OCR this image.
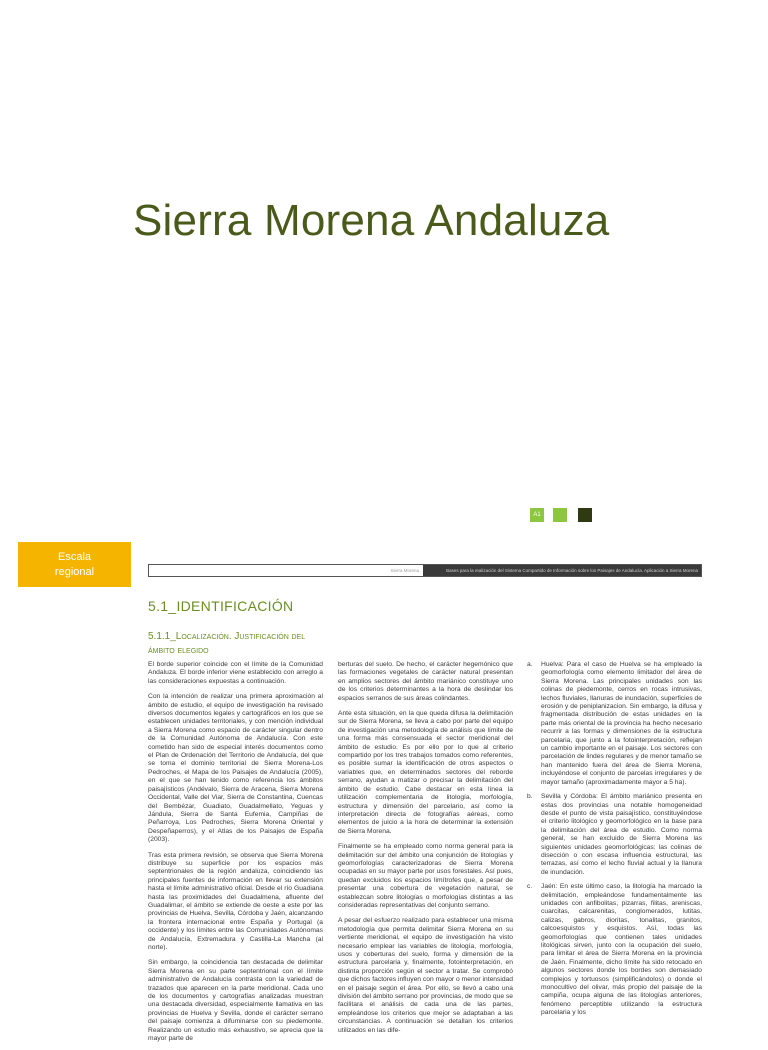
Sierra Morena Andaluza
A1
Escala
regional	Sierra Morena	Bases para la realización del Sistema Compartido de Información sobre los Paisajes de Andalucía. Aplicación a Sierra Morena
5.1_IDENTIFICACIÓN
5.1.1_Localización. Justificación del ámbito elegido

El borde superior coincide con el límite de la Comunidad Andaluza. El borde inferior viene establecido con arreglo a las consideraciones expuestas a continuación.

Con la intención de realizar una primera aproximación al ámbito de estudio, el equipo de investigación ha revisado diversos documentos legales y cartográficos en los que se establecen unidades territoriales, y con mención individual a Sierra Morena como espacio de carácter singular dentro de la Comunidad Autónoma de Andalucía. Con este cometido han sido de especial interés documentos como el Plan de Ordenación del Territorio de Andalucía, del que se toma el dominio territorial de Sierra Morena-Los Pedroches, el Mapa de los Paisajes de Andalucía (2005), en el que se han tenido como referencia los ámbitos paisajísticos (Andévalo, Sierra de Aracena, Sierra Morena Occidental, Valle del Viar, Sierra de Constantina, Cuencas del Bembézar, Guadiato, Guadalmellato, Yeguas y Jándula, Sierra de Santa Eufemia, Campiñas de Peñarroya, Los Pedroches, Sierra Morena Oriental y Despeñaperros), y el Atlas de los Paisajes de España (2003).

Tras esta primera revisión, se observa que Sierra Morena distribuye su superficie por los espacios más septentrionales de la región andaluza, coincidiendo las principales fuentes de información en llevar su extensión hasta el límite administrativo oficial. Desde el río Guadiana hasta las proximidades del Guadalmena, afluente del Guadalimar, el ámbito se extiende de oeste a este por las provincias de Huelva, Sevilla, Córdoba y Jaén, alcanzando la frontera internacional entre España y Portugal (a occidente) y los límites entre las Comunidades Autónomas de Andalucía, Extremadura y Castilla-La Mancha (al norte).

Sin embargo, la coincidencia tan destacada de delimitar Sierra Morena en su parte septentrional con el límite administrativo de Andalucía contrasta con la variedad de trazados que aparecen en la parte meridional. Cada uno de los documentos y cartografías analizadas muestran una destacada diversidad, especialmente llamativa en las provincias de Huelva y Sevilla, donde el carácter serrano del paisaje comienza a difuminarse con su piedemonte. Realizando un estudio más exhaustivo, se aprecia que la mayor parte de

berturas del suelo. De hecho, el carácter hegemónico que las formaciones vegetales de carácter natural presentan en amplios sectores del ámbito mariánico constituye uno de los criterios determinantes a la hora de deslindar los espacios serranos de sus áreas colindantes.

Ante esta situación, en la que queda difusa la delimitación sur de Sierra Morena, se lleva a cabo por parte del equipo de investigación una metodología de análisis que límite de una forma más consensuada el sector meridional del ámbito de estudio. Es por ello por lo que al criterio compartido por los tres trabajos tomados como referentes, es posible sumar la identificación de otros aspectos o variables que, en determinados sectores del reborde serrano, ayudan a matizar o precisar la delimitación del ámbito de estudio. Cabe destacar en esta línea la utilización complementaria de litología, morfología, estructura y dimensión del parcelario, así como la interpretación directa de fotografías aéreas, como elementos de juicio a la hora de determinar la extensión de Sierra Morena.

Finalmente se ha empleado como norma general para la delimitación sur del ámbito una conjunción de litologías y geomorfologías caracterizadoras de Sierra Morena ocupadas en su mayor parte por usos forestales. Así pues, quedan excluidos los espacios limítrofes que, a pesar de presentar una cobertura de vegetación natural, se establezcan sobre litologías o morfologías distintas a las consideradas representativas del conjunto serrano.

A pesar del esfuerzo realizado para establecer una misma metodología que permita delimitar Sierra Morena en su vertiente meridional, el equipo de investigación ha visto necesario emplear las variables de litología, morfología, usos y coberturas del suelo, forma y dimensión de la estructura parcelaria y, finalmente, fotointerpretación, en distinta proporción según el sector a tratar. Se comprobó que dichos factores influyen con mayor o menor intensidad en el paisaje según el área. Por ello, se llevó a cabo una división del ámbito serrano por provincias, de modo que se facilitara el análisis de cada una de las partes, empleándose los criterios que mejor se adaptaban a las circunstancias. A continuación se detallan los criterios utilizados en las dife-

a.	Huelva: Para el caso de Huelva se ha empleado la geomorfología como elemento limitador del área de Sierra Morena. Las principales unidades son las colinas de piedemonte, cerros en rocas intrusivas, lechos fluviales, llanuras de inundación, superficies de erosión y de peniplanizacion. Sin embargo, la difusa y fragmentada distribución de estas unidades en la parte más oriental de la provincia ha hecho necesario recurrir a las formas y dimensiones de la estructura parcelaria, que junto a la fotointerpretación, reflejan un cambio importante en el paisaje. Los sectores con parcelación de lindes regulares y de menor tamaño se han mantenido fuera del área de Sierra Morena, incluyéndose el conjunto de parcelas irregulares y de mayor tamaño (aproximadamente mayor a 5 ha).
b.	Sevilla y Córdoba: El ámbito mariánico presenta en estas dos provincias una notable homogeneidad desde el punto de vista paisajístico, constituyéndose el criterio litológico y geomorfológico en la base para la delimitación del área de estudio. Como norma general, se han excluido de Sierra Morena las siguientes unidades geomorfológicas: las colinas de disección o con escasa influencia estructural, las terrazas, así como el lecho fluvial actual y la llanura de inundación.
c.	Jaén: En este último caso, la litología ha marcado la delimitación, empleándose fundamentalmente las unidades con anfibolitas, pizarras, filitas, areniscas, cuarcitas, calcarenitas, conglomerados, lutitas, calizas, gabros, dioritas, tonalitas, granitos, calcoesquistos y esquistos. Así, todas las geomorfologías que contienen tales unidades litológicas sirven, junto con la ocupación del suelo, para limitar el área de Sierra Morena en la provincia de Jaén. Finalmente, dicho límite ha sido retocado en algunos sectores donde los bordes son demasiado complejos y tortuosos (simplificándolos) o donde el monocultivo del olivar, más propio del paisaje de la campiña, ocupa alguna de las litologías anteriores, fenómeno perceptible utilizando la estructura parcelaria y los
